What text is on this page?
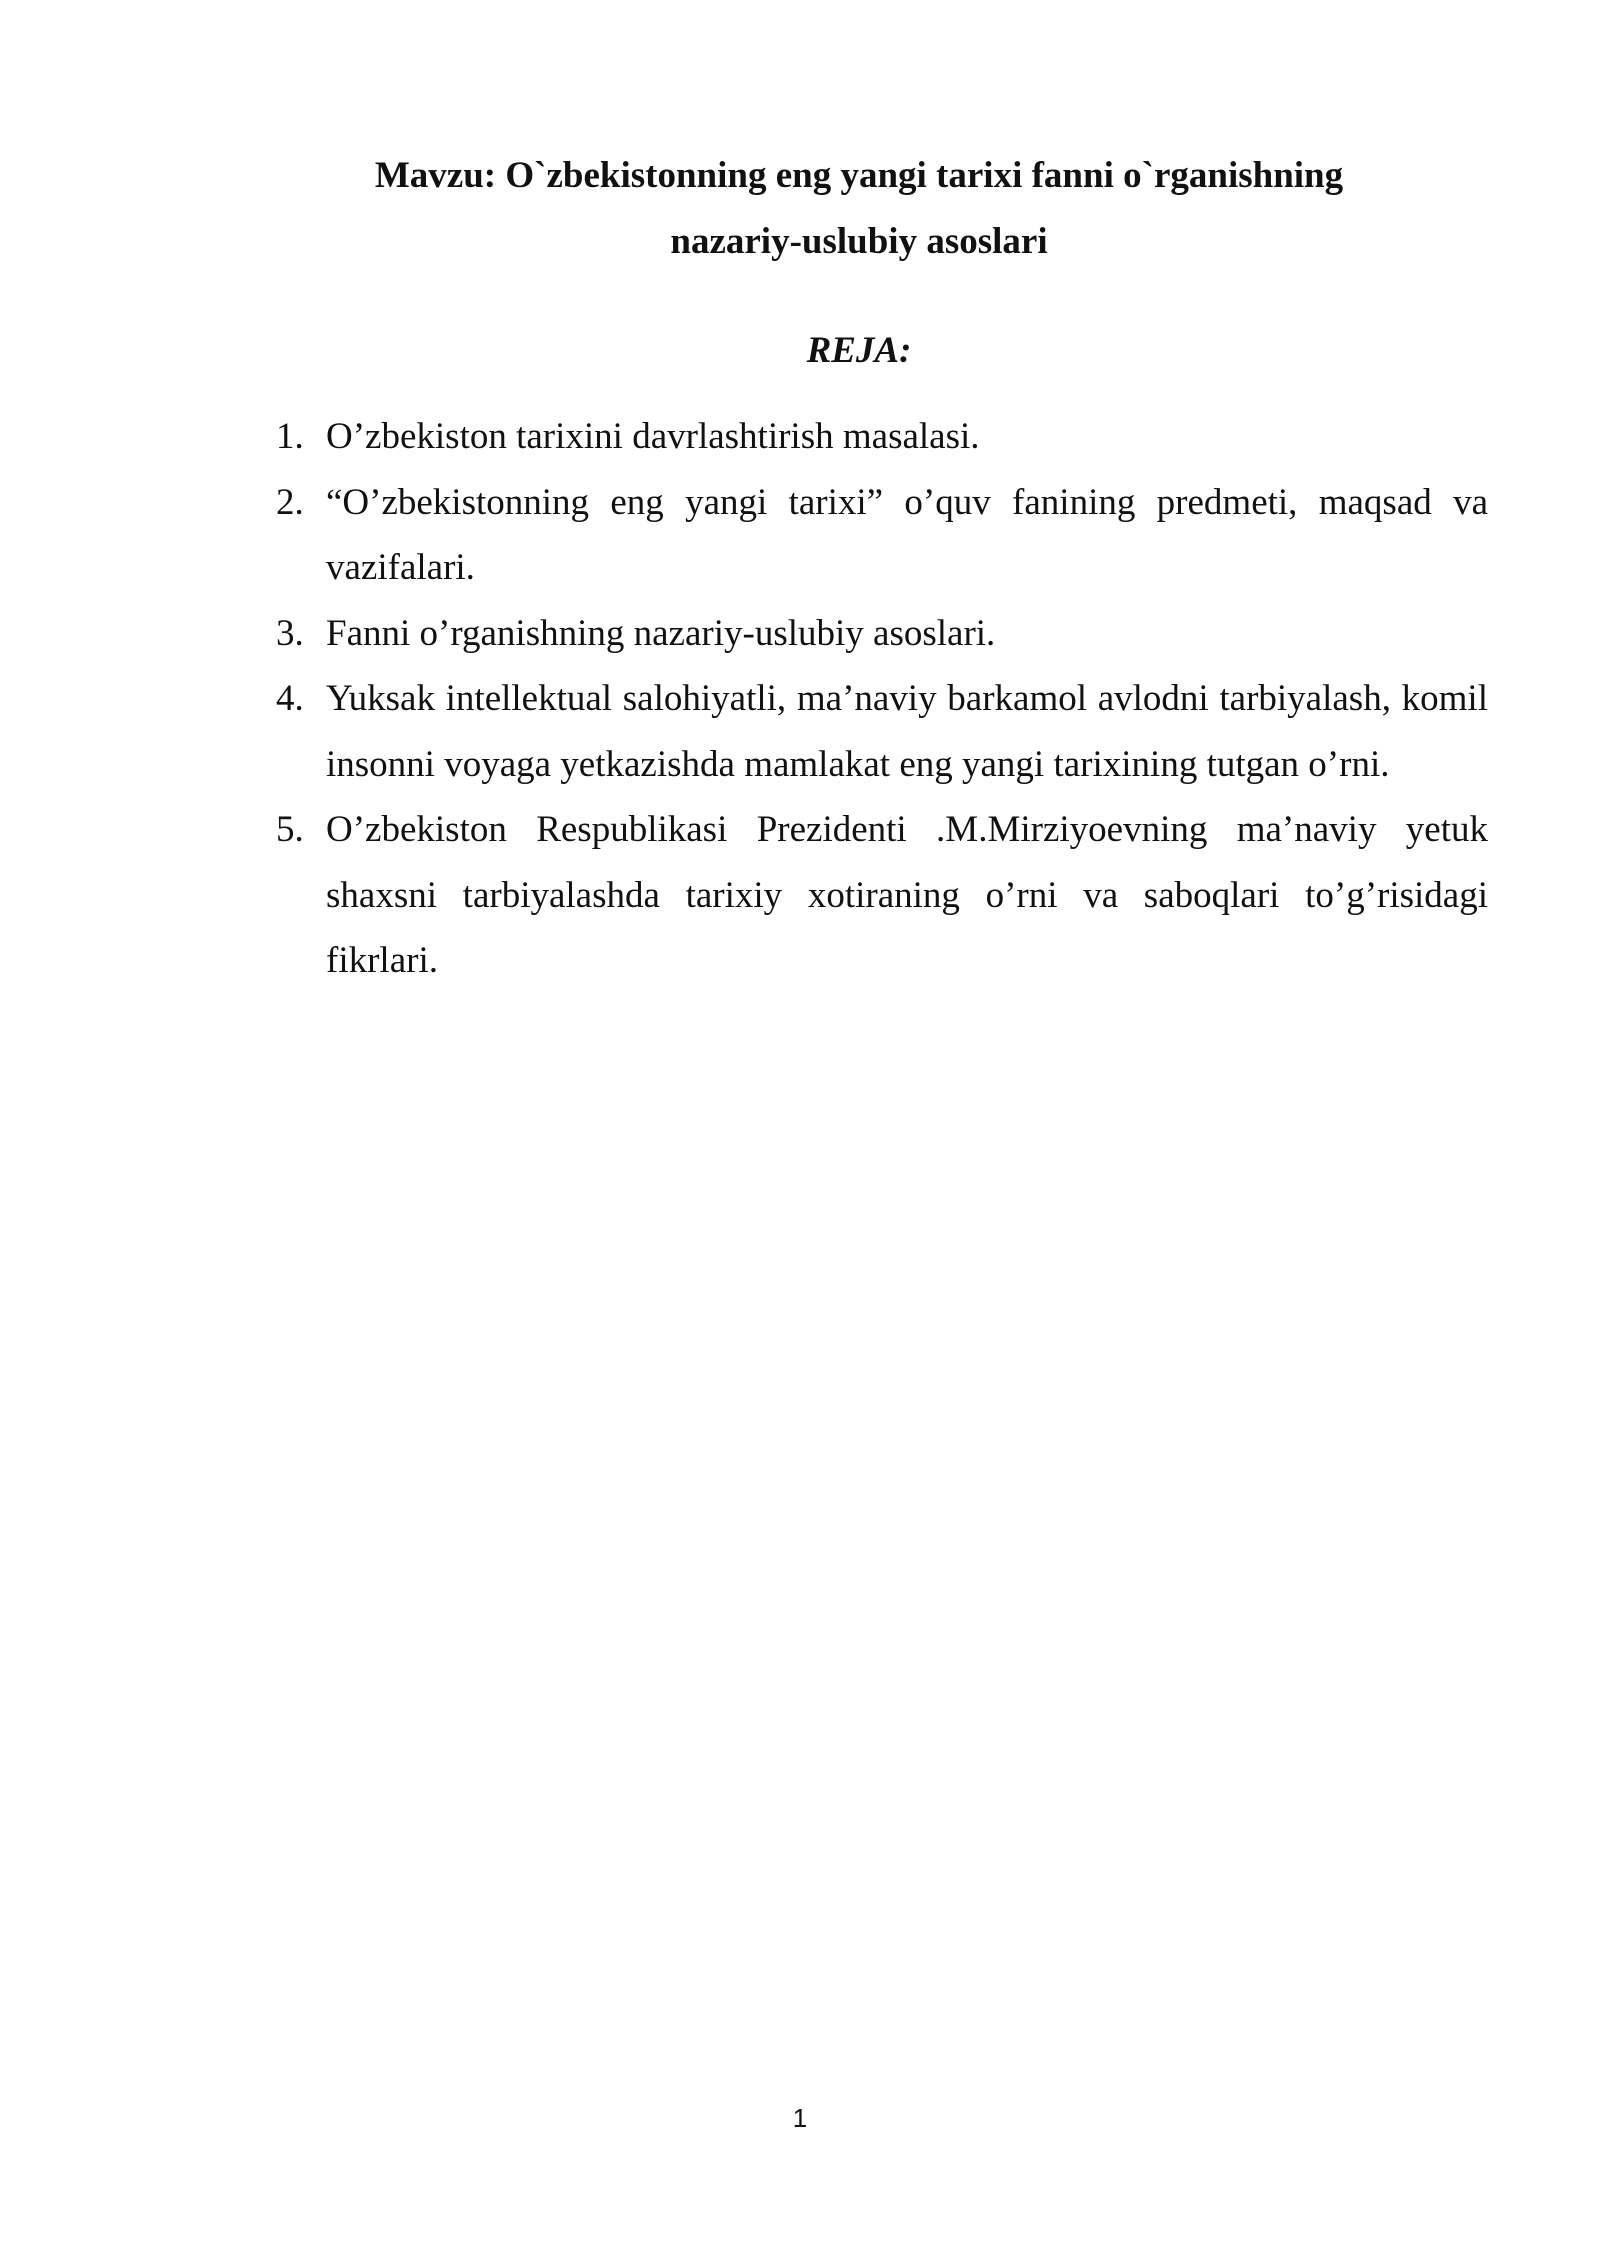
Mavzu: O`zbekistonning eng yangi tarixi fanni o`rganishning
nazariy-uslubiy asoslari
REJA:
1. O’zbekiston tarixini davrlashtirish masalasi.
2. “O’zbekistonning eng yangi tarixi” o’quv fanining predmeti, maqsad va vazifalari.
3. Fanni o’rganishning nazariy-uslubiy asoslari.
4. Yuksak intellektual salohiyatli, ma’naviy barkamol avlodni tarbiyalash, komil insonni voyaga yetkazishda mamlakat eng yangi tarixining tutgan o’rni.
5. O’zbekiston Respublikasi Prezidenti .M.Mirziyoevning ma’naviy yetuk shaxsni tarbiyalashda tarixiy xotiraning o’rni va saboqlari to’g’risidagi fikrlari.
1
